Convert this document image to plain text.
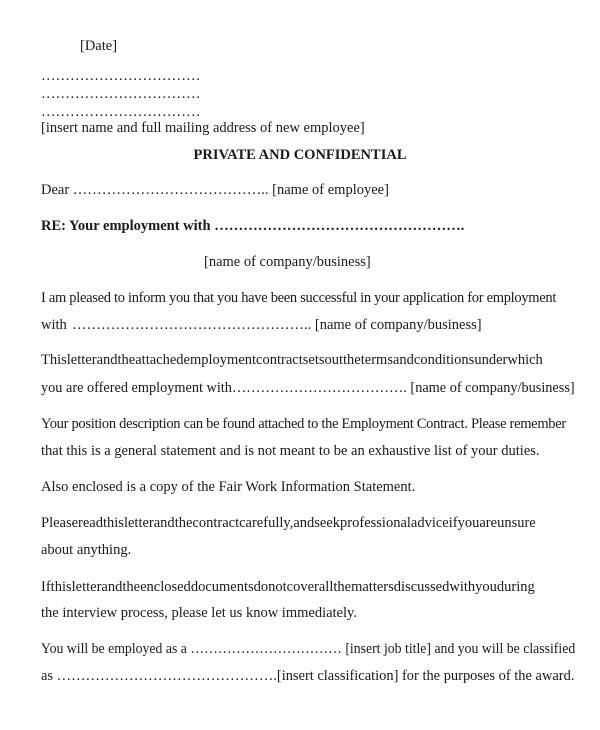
[Date]
……………………………
……………………………
……………………………
[insert name and full mailing address of new employee]
PRIVATE AND CONFIDENTIAL
Dear ………………………………….. [name of employee]
RE: Your employment with …………………………………………….
[name of company/business]
I am pleased to inform you that you have been successful in your application for employment
with ………………………………………….. [name of company/business]
This letter and the attached employment contract sets out the terms and conditions under which
you are offered employment with………………………………. [name of company/business]
Your position description can be found attached to the Employment Contract. Please remember
that this is a general statement and is not meant to be an exhaustive list of your duties.
Also enclosed is a copy of the Fair Work Information Statement.
Please read this letter and the contract carefully, and seek professional advice if you are unsure
about anything.
If this letter and the enclosed documents do not cover all the matters discussed with you during
the interview process, please let us know immediately.
You will be employed as a …………………………… [insert job title] and you will be classified
as ……………………………………….[insert classification] for the purposes of the award.
